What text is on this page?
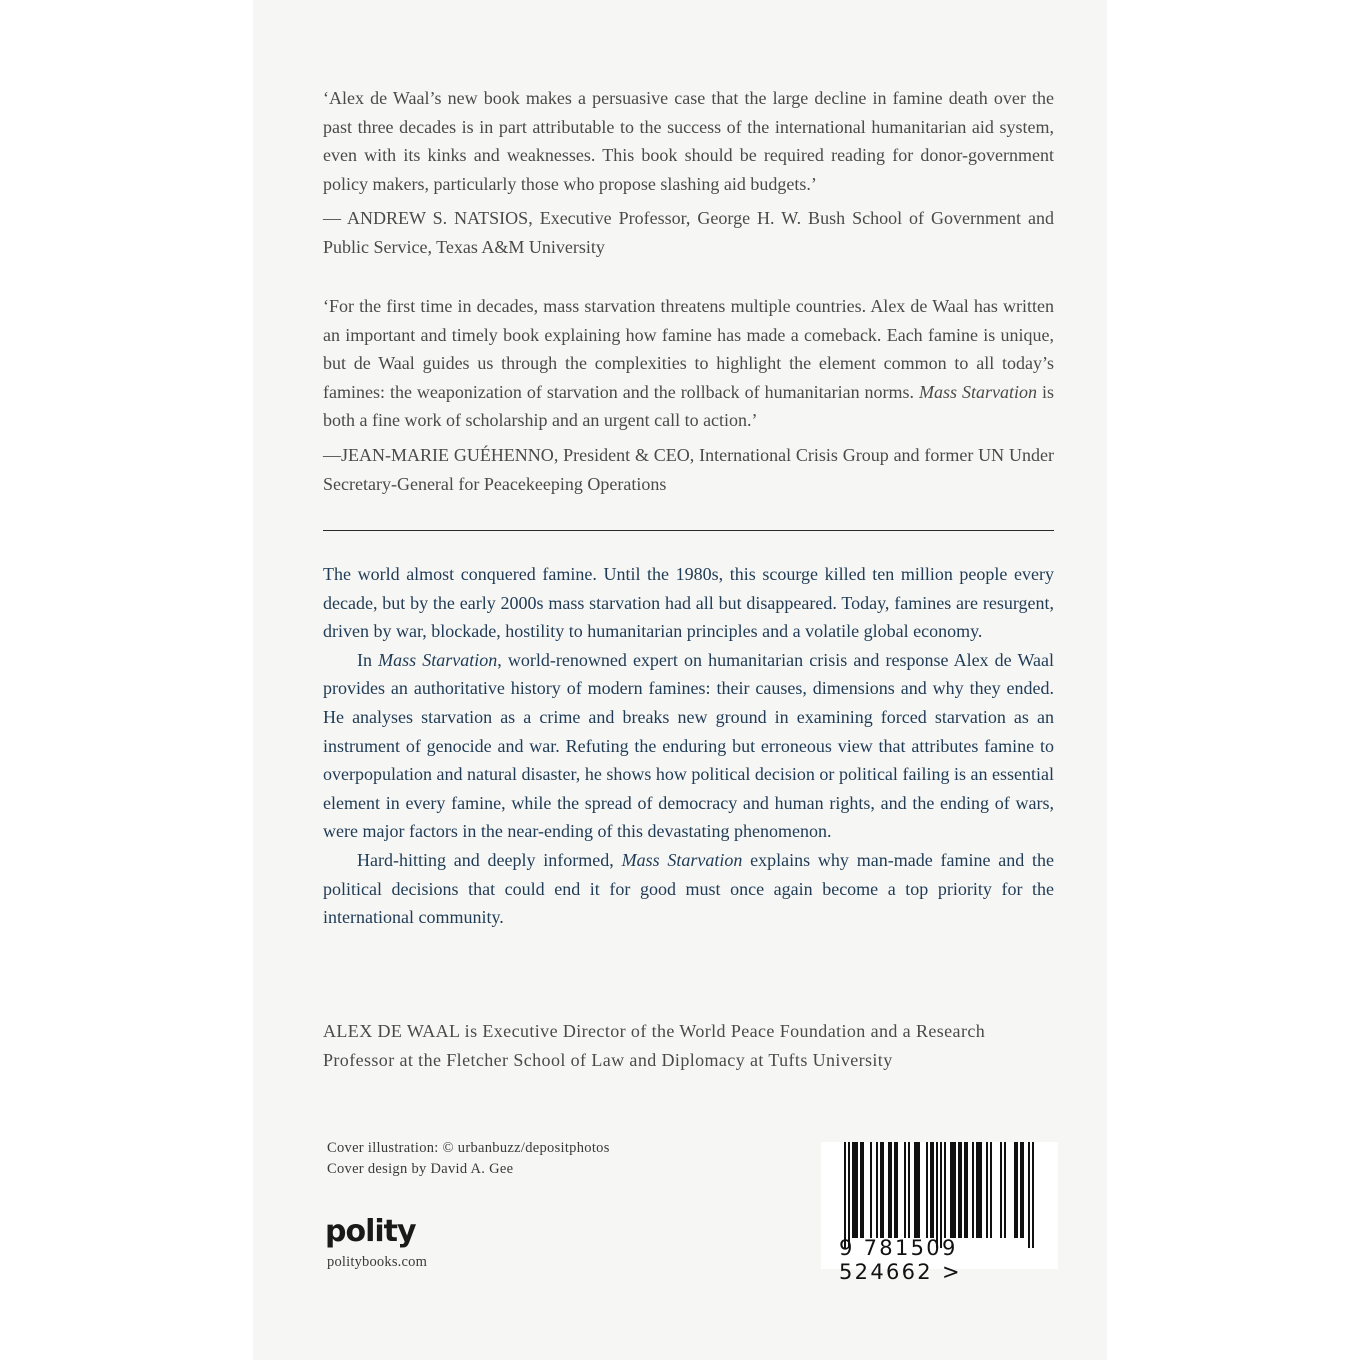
‘Alex de Waal’s new book makes a persuasive case that the large decline in famine death over the past three decades is in part attributable to the success of the international humanitarian aid system, even with its kinks and weaknesses. This book should be required reading for donor-government policy makers, particularly those who propose slashing aid budgets.’
— ANDREW S. NATSIOS, Executive Professor, George H. W. Bush School of Government and Public Service, Texas A&M University
‘For the first time in decades, mass starvation threatens multiple countries. Alex de Waal has written an important and timely book explaining how famine has made a comeback. Each famine is unique, but de Waal guides us through the complexities to highlight the element common to all today’s famines: the weaponization of starvation and the rollback of humanitarian norms. Mass Starvation is both a fine work of scholarship and an urgent call to action.’
—JEAN-MARIE GUÉHENNO, President & CEO, International Crisis Group and former UN Under Secretary-General for Peacekeeping Operations

The world almost conquered famine. Until the 1980s, this scourge killed ten million people every decade, but by the early 2000s mass starvation had all but disappeared. Today, famines are resurgent, driven by war, blockade, hostility to humanitarian principles and a volatile global economy.

In Mass Starvation, world-renowned expert on humanitarian crisis and response Alex de Waal provides an authoritative history of modern famines: their causes, dimensions and why they ended. He analyses starvation as a crime and breaks new ground in examining forced starvation as an instrument of genocide and war. Refuting the enduring but erroneous view that attributes famine to overpopulation and natural disaster, he shows how political decision or political failing is an essential element in every famine, while the spread of democracy and human rights, and the ending of wars, were major factors in the near-ending of this devastating phenomenon.

Hard-hitting and deeply informed, Mass Starvation explains why man-made famine and the political decisions that could end it for good must once again become a top priority for the international community.

ALEX DE WAAL is Executive Director of the World Peace Foundation and a Research Professor at the Fletcher School of Law and Diplomacy at Tufts University
Cover illustration: © urbanbuzz/depositphotos
Cover design by David A. Gee
polity
politybooks.com
9 781509 524662 >
